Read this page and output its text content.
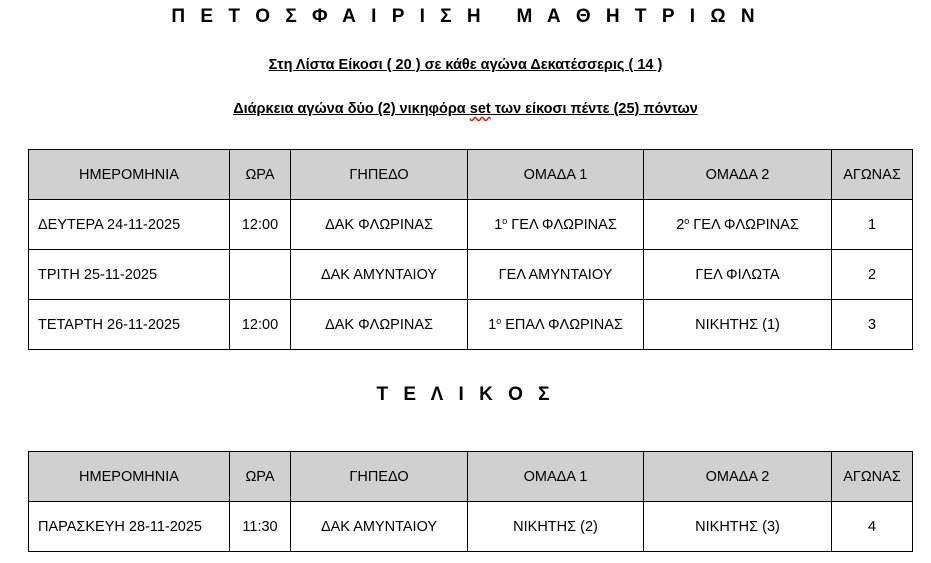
Π Ε Τ Ο Σ Φ Α Ι Ρ Ι Σ Η   Μ Α Θ Η Τ Ρ Ι Ω Ν
Στη Λίστα Είκοσι ( 20 ) σε κάθε αγώνα Δεκατέσσερις ( 14 )
Διάρκεια αγώνα δύο (2) νικηφόρα set των είκοσι πέντε (25) πόντων
ΗΜΕΡΟΜΗΝΙΑ	ΩΡΑ	ΓΗΠΕΔΟ	ΟΜΑΔΑ 1	ΟΜΑΔΑ 2	ΑΓΩΝΑΣ
ΔΕΥΤΕΡΑ 24-11-2025	12:00	ΔΑΚ ΦΛΩΡΙΝΑΣ	$1^o$ ΓΕΛ ΦΛΩΡΙΝΑΣ	$2^o$ ΓΕΛ ΦΛΩΡΙΝΑΣ	1
ΤΡΙΤΗ 25-11-2025		ΔΑΚ ΑΜΥΝΤΑΙΟΥ	ΓΕΛ ΑΜΥΝΤΑΙΟΥ	ΓΕΛ ΦΙΛΩΤΑ	2
ΤΕΤΑΡΤΗ 26-11-2025	12:00	ΔΑΚ ΦΛΩΡΙΝΑΣ	$1^o$ ΕΠΑΛ ΦΛΩΡΙΝΑΣ	ΝΙΚΗΤΗΣ (1)	3
Τ Ε Λ Ι Κ Ο Σ
ΗΜΕΡΟΜΗΝΙΑ	ΩΡΑ	ΓΗΠΕΔΟ	ΟΜΑΔΑ 1	ΟΜΑΔΑ 2	ΑΓΩΝΑΣ
ΠΑΡΑΣΚΕΥΗ 28-11-2025	11:30	ΔΑΚ ΑΜΥΝΤΑΙΟΥ	ΝΙΚΗΤΗΣ (2)	ΝΙΚΗΤΗΣ (3)	4
